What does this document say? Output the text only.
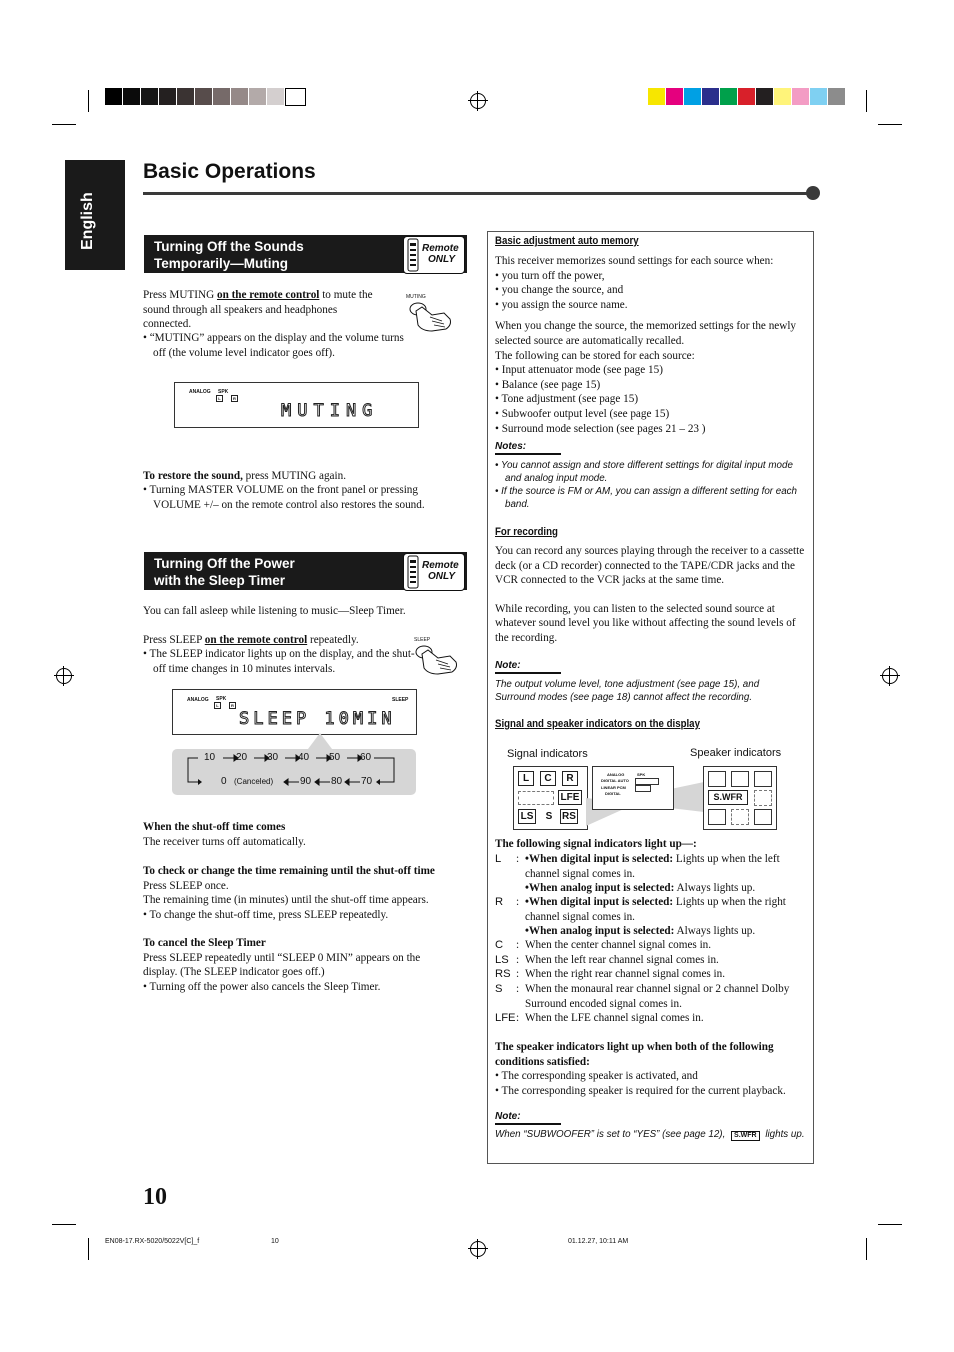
English
Basic Operations
Turning Off the Sounds
Temporarily—Muting
Remote
ONLY
Press MUTING on the remote control to mute the sound through all speakers and headphones connected.
• “MUTING” appears on the display and the volume turns off (the volume level indicator goes off).
MUTING
ANALOG SPK
L	R
MUTING
To restore the sound, press MUTING again.
• Turning MASTER VOLUME on the front panel or pressing VOLUME +/– on the remote control also restores the sound.
Turning Off the Power
with the Sleep Timer
Remote
ONLY
You can fall asleep while listening to music—Sleep Timer.
Press SLEEP on the remote control repeatedly.
• The SLEEP indicator lights up on the display, and the shut-off time changes in 10 minutes intervals.
SLEEP
ANALOG SPK
L	R
SLEEP
SLEEP 10MIN
10 20 30 40 50 60
0 (Canceled)	90 80 70
When the shut-off time comes
The receiver turns off automatically.
To check or change the time remaining until the shut-off time
Press SLEEP once.
The remaining time (in minutes) until the shut-off time appears.
• To change the shut-off time, press SLEEP repeatedly.
To cancel the Sleep Timer
Press SLEEP repeatedly until “SLEEP 0 MIN” appears on the display. (The SLEEP indicator goes off.)
• Turning off the power also cancels the Sleep Timer.
Basic adjustment auto memory
This receiver memorizes sound settings for each source when:
• you turn off the power,
• you change the source, and
• you assign the source name.
When you change the source, the memorized settings for the newly selected source are automatically recalled.
The following can be stored for each source:
• Input attenuator mode (see page 15)
• Balance (see page 15)
• Tone adjustment (see page 15)
• Subwoofer output level (see page 15)
• Surround mode selection (see pages 21 – 23 )
Notes:
• You cannot assign and store different settings for digital input mode and analog input mode.
• If the source is FM or AM, you can assign a different setting for each band.
For recording
You can record any sources playing through the receiver to a cassette deck (or a CD recorder) connected to the TAPE/CDR jacks and the VCR connected to the VCR jacks at the same time.
While recording, you can listen to the selected sound source at whatever sound level you like without affecting the sound levels of the recording.
Note:
The output volume level, tone adjustment (see page 15), and Surround modes (see page 18) cannot affect the recording.
Signal and speaker indicators on the display
Signal indicators	Speaker indicators
L	C	R
LFE
LS	S RS
ANALOG
DIGITAL AUTO
LINEAR PCM
DIGITAL
SPK
S.WFR
The following signal indicators light up—:
L	: •When digital input is selected: Lights up when the left channel signal comes in.
•When analog input is selected: Always lights up.
R	: •When digital input is selected: Lights up when the right channel signal comes in.
•When analog input is selected: Always lights up.
C	: When the center channel signal comes in.
LS : When the left rear channel signal comes in.
RS : When the right rear channel signal comes in.
S	: When the monaural rear channel signal or 2 channel Dolby Surround encoded signal comes in.
LFE : When the LFE channel signal comes in.
The speaker indicators light up when both of the following conditions satisfied:
• The corresponding speaker is activated, and
• The corresponding speaker is required for the current playback.
Note:
When “SUBWOOFER” is set to “YES” (see page 12), S.WFR lights up.
10
EN08-17.RX-5020/5022V[C]_f	10	01.12.27, 10:11 AM
